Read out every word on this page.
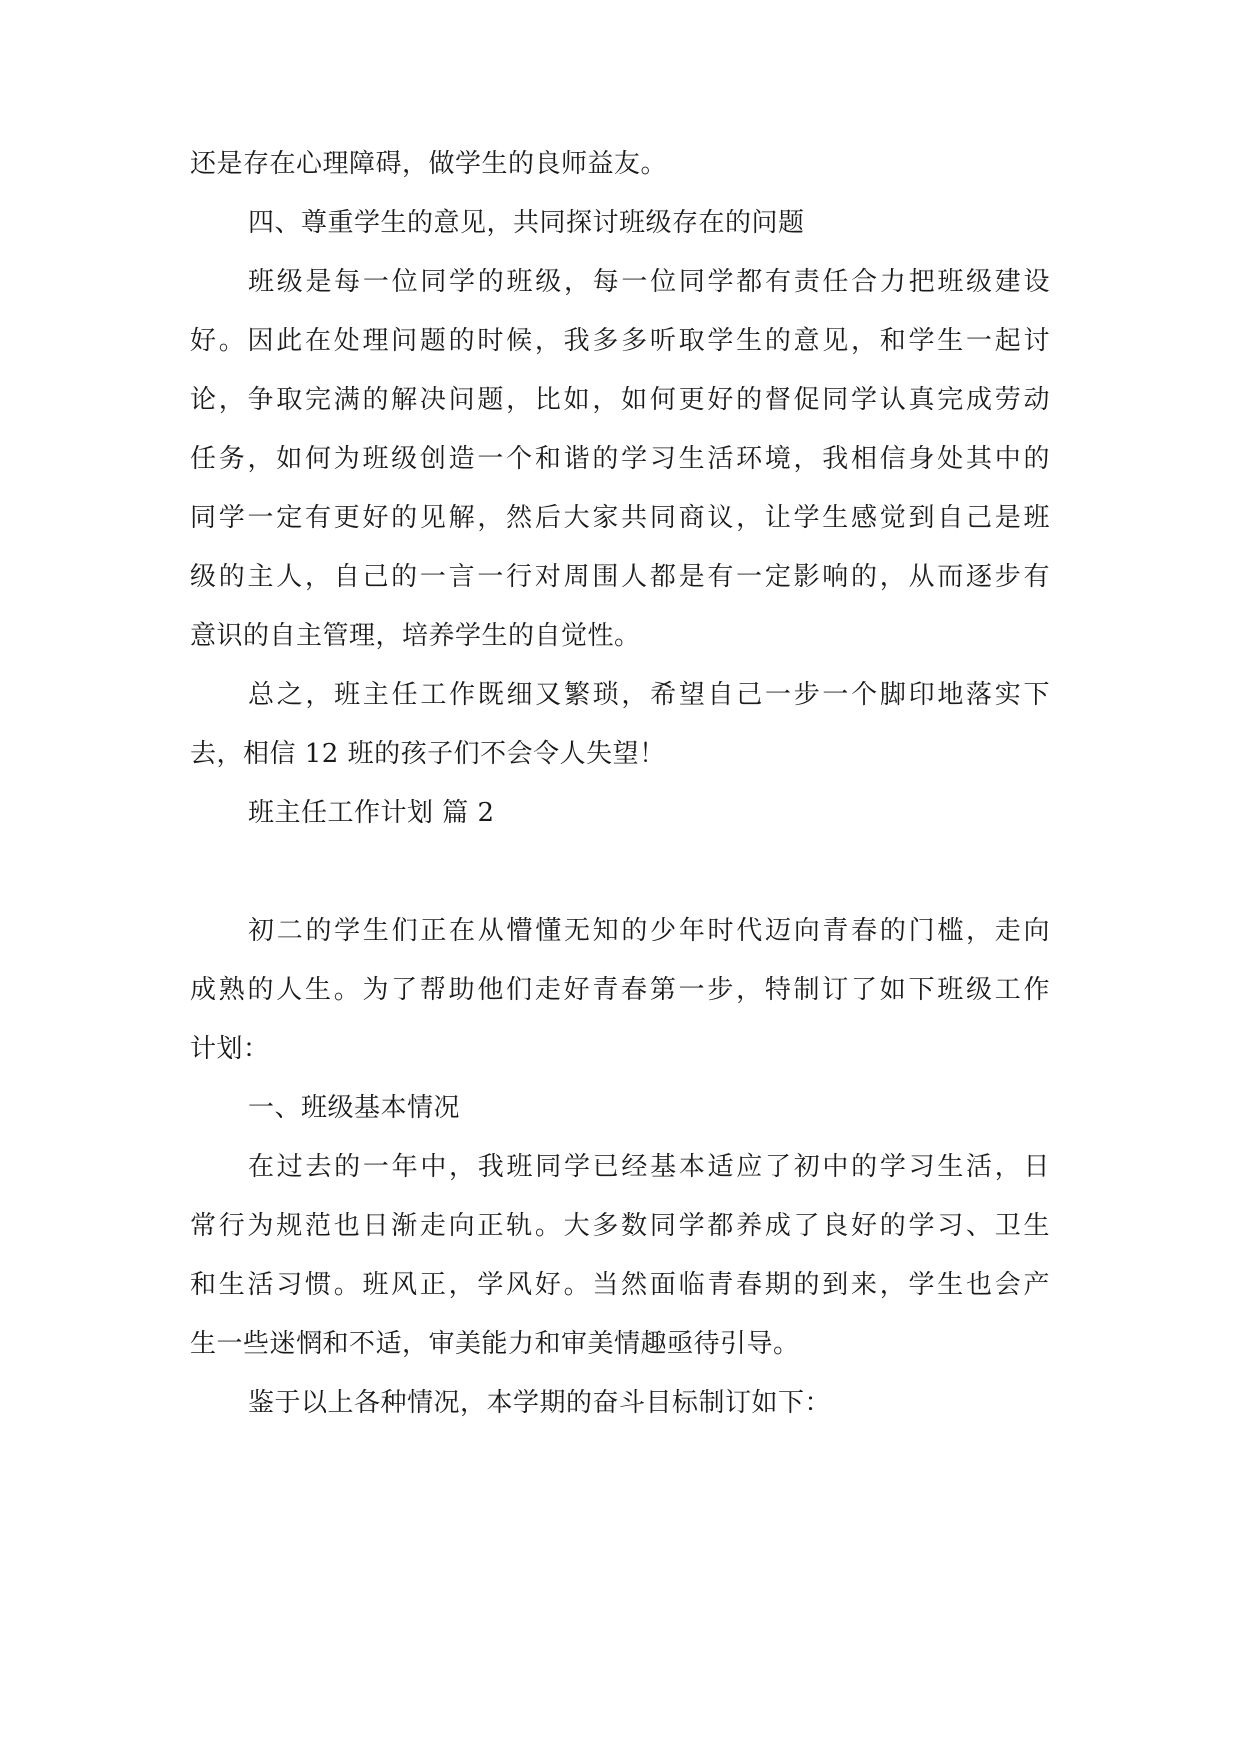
还是存在心理障碍，做学生的良师益友。
四、尊重学生的意见，共同探讨班级存在的问题
班级是每一位同学的班级，每一位同学都有责任合力把班级建设
好。因此在处理问题的时候，我多多听取学生的意见，和学生一起讨
论，争取完满的解决问题，比如，如何更好的督促同学认真完成劳动
任务，如何为班级创造一个和谐的学习生活环境，我相信身处其中的
同学一定有更好的见解，然后大家共同商议，让学生感觉到自己是班
级的主人，自己的一言一行对周围人都是有一定影响的，从而逐步有
意识的自主管理，培养学生的自觉性。
总之，班主任工作既细又繁琐，希望自己一步一个脚印地落实下
去，相信 12 班的孩子们不会令人失望！
班主任工作计划 篇 2
初二的学生们正在从懵懂无知的少年时代迈向青春的门槛，走向
成熟的人生。为了帮助他们走好青春第一步，特制订了如下班级工作
计划：
一、班级基本情况
在过去的一年中，我班同学已经基本适应了初中的学习生活，日
常行为规范也日渐走向正轨。大多数同学都养成了良好的学习、卫生
和生活习惯。班风正，学风好。当然面临青春期的到来，学生也会产
生一些迷惘和不适，审美能力和审美情趣亟待引导。
鉴于以上各种情况，本学期的奋斗目标制订如下：
